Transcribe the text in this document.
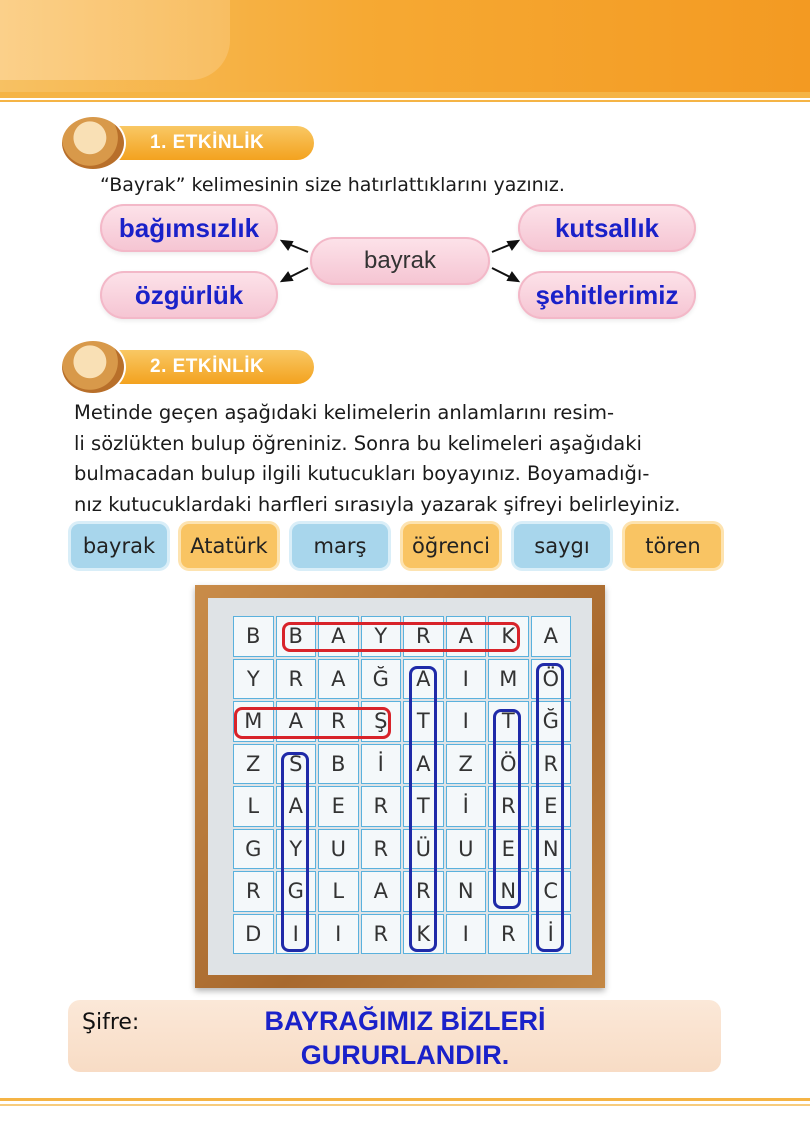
1. ETKİNLİK
“Bayrak” kelimesinin size hatırlattıklarını yazınız.
bağımsızlık	kutsallık
özgürlük	şehitlerimiz
bayrak
2. ETKİNLİK
Metinde geçen aşağıdaki kelimelerin anlamlarını resim-
li sözlükten bulup öğreniniz. Sonra bu kelimeleri aşağıdaki
bulmacadan bulup ilgili kutucukları boyayınız. Boyamadığı-
nız kutucuklardaki harfleri sırasıyla yazarak şifreyi belirleyiniz.
bayrak	Atatürk	marş	öğrenci	saygı	tören
B	B	A	Y	R	A	K	A
Y	R	A	Ğ	A	I	M	Ö
M	A	R	Ş	T	I	T	Ğ
Z	S	B	İ	A	Z	Ö	R
L	A	E	R	T	İ	R	E
G	Y	U	R	Ü	U	E	N
R	G	L	A	R	N	N	C
D	I	I	R	K	I	R	İ
Şifre:	BAYRAĞIMIZ BİZLERİ
GURURLANDIR.
